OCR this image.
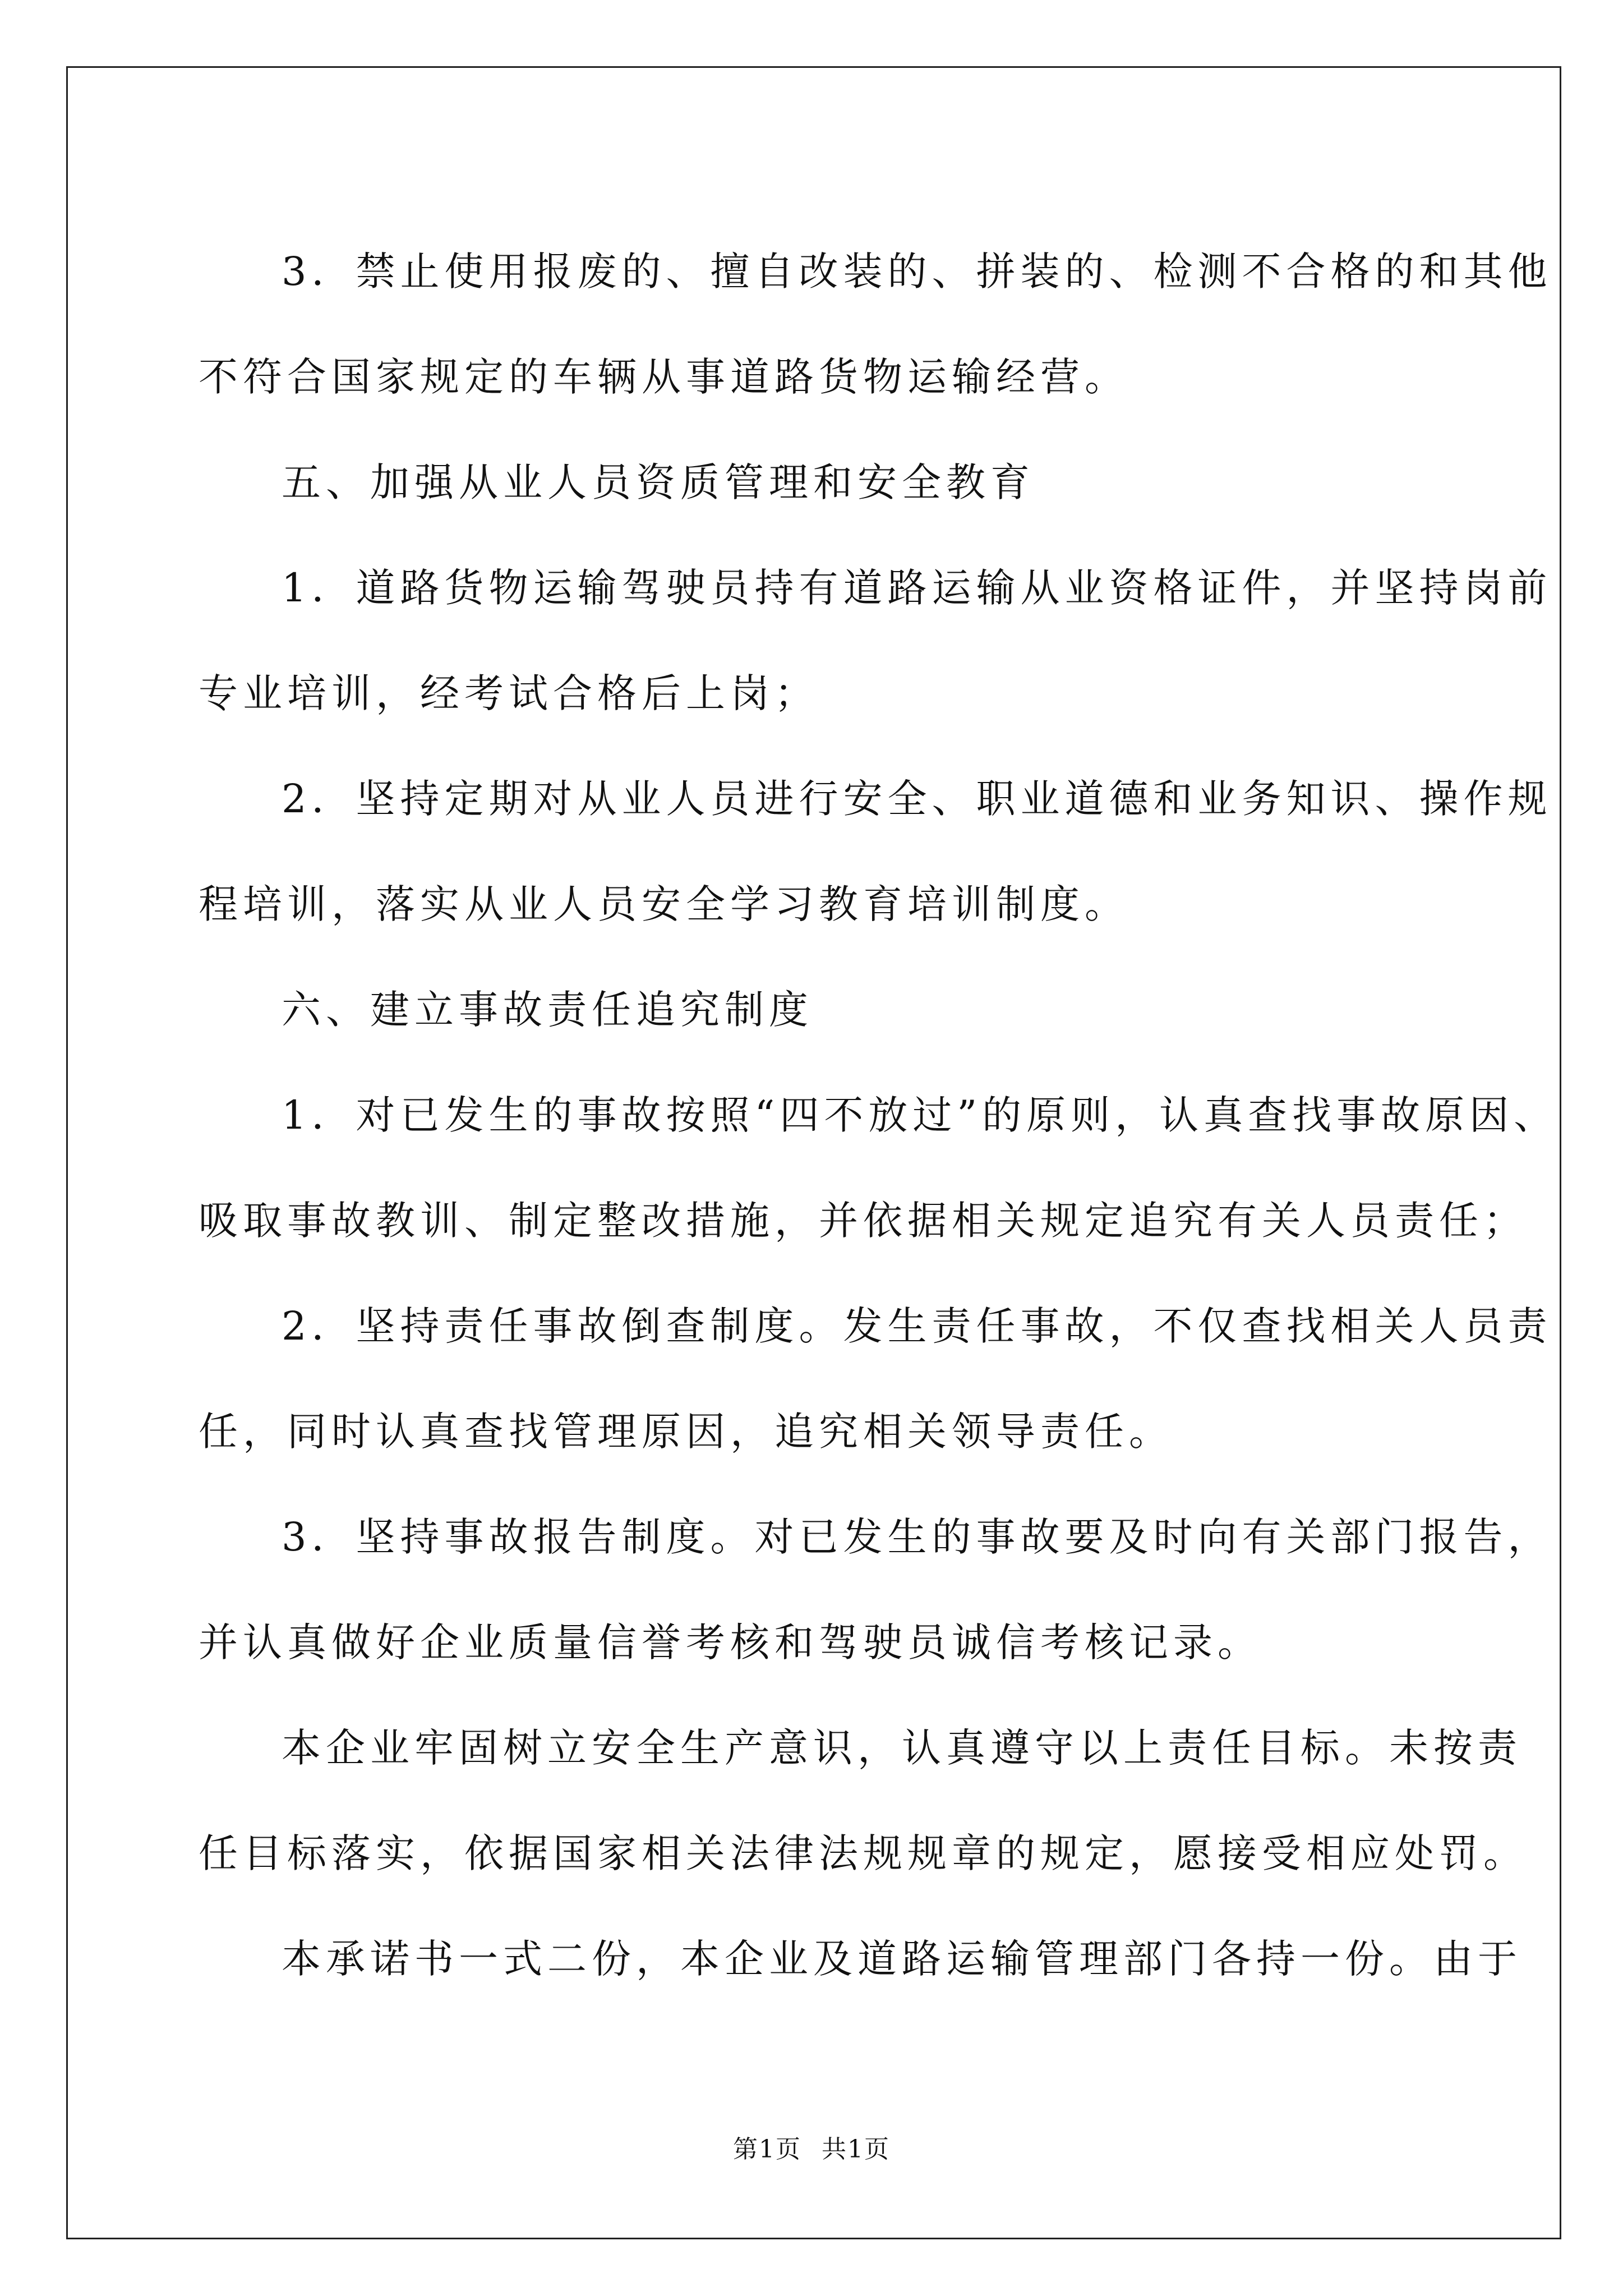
3．禁止使用报废的、擅自改装的、拼装的、检测不合格的和其他
不符合国家规定的车辆从事道路货物运输经营。
五、加强从业人员资质管理和安全教育
1．道路货物运输驾驶员持有道路运输从业资格证件，并坚持岗前
专业培训，经考试合格后上岗；
2．坚持定期对从业人员进行安全、职业道德和业务知识、操作规
程培训，落实从业人员安全学习教育培训制度。
六、建立事故责任追究制度
1．对已发生的事故按照“四不放过”的原则，认真查找事故原因、
吸取事故教训、制定整改措施，并依据相关规定追究有关人员责任；
2．坚持责任事故倒查制度。发生责任事故，不仅查找相关人员责
任，同时认真查找管理原因，追究相关领导责任。
3．坚持事故报告制度。对已发生的事故要及时向有关部门报告，
并认真做好企业质量信誉考核和驾驶员诚信考核记录。
本企业牢固树立安全生产意识，认真遵守以上责任目标。未按责
任目标落实，依据国家相关法律法规规章的规定，愿接受相应处罚。
本承诺书一式二份，本企业及道路运输管理部门各持一份。由于
第1页 共1页
